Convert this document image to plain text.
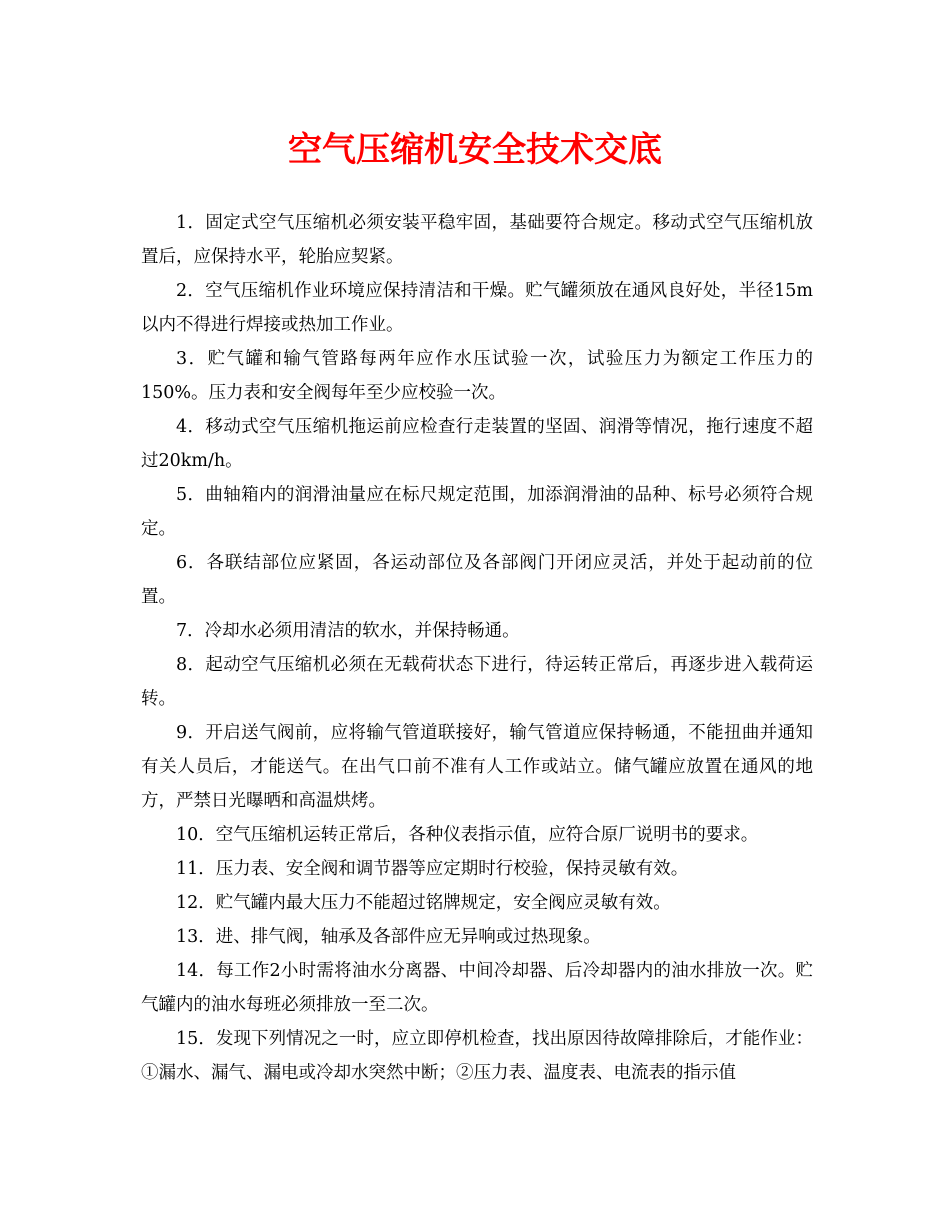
空气压缩机安全技术交底

1．固定式空气压缩机必须安装平稳牢固，基础要符合规定。移动式空气压缩机放置后，应保持水平，轮胎应契紧。

2．空气压缩机作业环境应保持清洁和干燥。贮气罐须放在通风良好处，半径15m以内不得进行焊接或热加工作业。

3．贮气罐和输气管路每两年应作水压试验一次，试验压力为额定工作压力的150%。压力表和安全阀每年至少应校验一次。

4．移动式空气压缩机拖运前应检查行走装置的坚固、润滑等情况，拖行速度不超过20km/h。

5．曲轴箱内的润滑油量应在标尺规定范围，加添润滑油的品种、标号必须符合规定。

6．各联结部位应紧固，各运动部位及各部阀门开闭应灵活，并处于起动前的位置。

7．冷却水必须用清洁的软水，并保持畅通。

8．起动空气压缩机必须在无载荷状态下进行，待运转正常后，再逐步进入载荷运转。

9．开启送气阀前，应将输气管道联接好，输气管道应保持畅通，不能扭曲并通知有关人员后，才能送气。在出气口前不准有人工作或站立。储气罐应放置在通风的地方，严禁日光曝晒和高温烘烤。

10．空气压缩机运转正常后，各种仪表指示值，应符合原厂说明书的要求。

11．压力表、安全阀和调节器等应定期时行校验，保持灵敏有效。

12．贮气罐内最大压力不能超过铭牌规定，安全阀应灵敏有效。

13．进、排气阀，轴承及各部件应无异响或过热现象。

14．每工作2小时需将油水分离器、中间冷却器、后冷却器内的油水排放一次。贮气罐内的油水每班必须排放一至二次。

15．发现下列情况之一时，应立即停机检查，找出原因待故障排除后，才能作业：①漏水、漏气、漏电或冷却水突然中断；②压力表、温度表、电流表的指示值
